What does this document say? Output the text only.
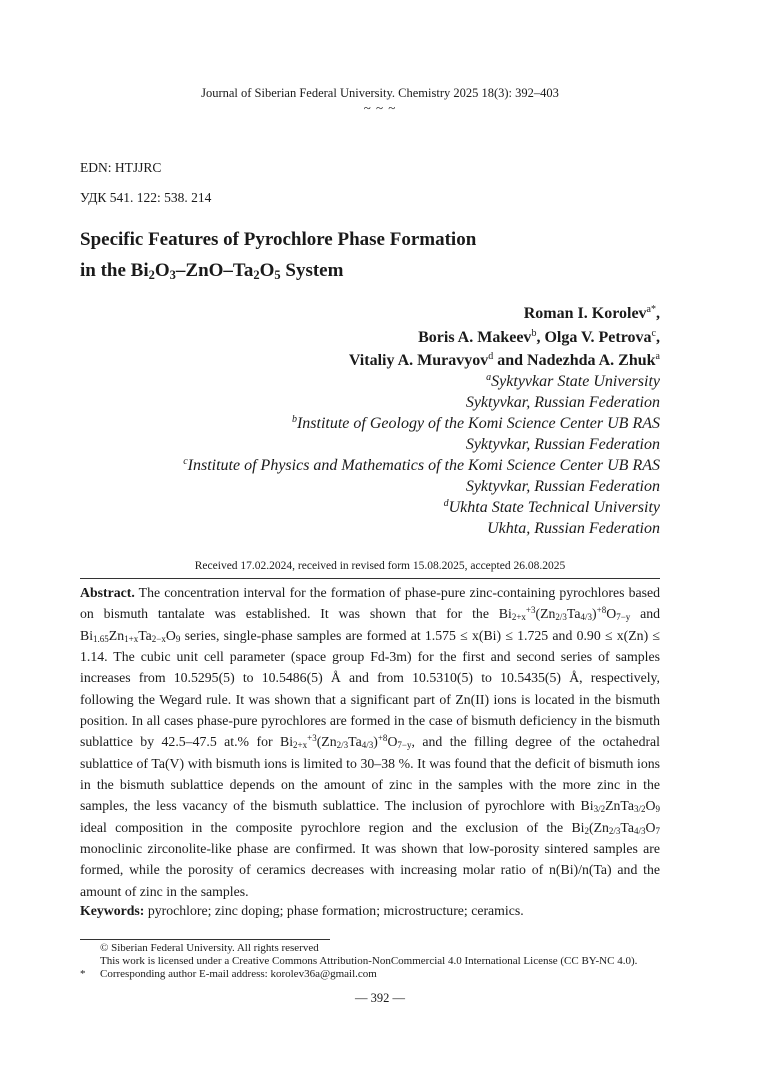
Journal of Siberian Federal University. Chemistry 2025 18(3): 392–403
~ ~ ~
EDN: HTJJRC
УДК 541. 122: 538. 214
Specific Features of Pyrochlore Phase Formation
in the $Bi_2O_3-ZnO-Ta_2O_5$ System
Roman I. Korolev$^{a*}$,
Boris A. Makeev$^b$, Olga V. Petrova$^c$,
Vitaliy A. Muravyov$^d$ and Nadezhda A. Zhuk$^a$
$^a$Syktyvkar State University
Syktyvkar, Russian Federation
$^b$Institute of Geology of the Komi Science Center UB RAS
Syktyvkar, Russian Federation
$^c$Institute of Physics and Mathematics of the Komi Science Center UB RAS
Syktyvkar, Russian Federation
$^d$Ukhta State Technical University
Ukhta, Russian Federation
Received 17.02.2024, received in revised form 15.08.2025, accepted 26.08.2025
Abstract. The concentration interval for the formation of phase-pure zinc-containing pyrochlores based on bismuth tantalate was established. It was shown that for the $Bi_{2+x}^{+3}(Zn_{2/3}Ta_{4/3})^{+8}O_{7-y}$ and $Bi_{1.65}Zn_{1+x}Ta_{2-x}O_9$ series, single-phase samples are formed at 1.575 ≤ x(Bi) ≤ 1.725 and 0.90 ≤ x(Zn) ≤ 1.14. The cubic unit cell parameter (space group Fd-3m) for the first and second series of samples increases from 10.5295(5) to 10.5486(5) Å and from 10.5310(5) to 10.5435(5) Å, respectively, following the Wegard rule. It was shown that a significant part of Zn(II) ions is located in the bismuth position. In all cases phase-pure pyrochlores are formed in the case of bismuth deficiency in the bismuth sublattice by 42.5–47.5 at.% for $Bi_{2+x}^{+3}(Zn_{2/3}Ta_{4/3})^{+8}O_{7-y}$, and the filling degree of the octahedral sublattice of Ta(V) with bismuth ions is limited to 30–38 %. It was found that the deficit of bismuth ions in the bismuth sublattice depends on the amount of zinc in the samples with the more zinc in the samples, the less vacancy of the bismuth sublattice. The inclusion of pyrochlore with $Bi_{3/2}ZnTa_{3/2}O_9$ ideal composition in the composite pyrochlore region and the exclusion of the $Bi_2(Zn_{2/3}Ta_{4/3}O_7$ monoclinic zirconolite-like phase are confirmed. It was shown that low-porosity sintered samples are formed, while the porosity of ceramics decreases with increasing molar ratio of n(Bi)/n(Ta) and the amount of zinc in the samples.
Keywords: pyrochlore; zinc doping; phase formation; microstructure; ceramics.
© Siberian Federal University. All rights reserved
This work is licensed under a Creative Commons Attribution-NonCommercial 4.0 International License (CC BY-NC 4.0).
*	Corresponding author E-mail address: korolev36a@gmail.com
— 392 —
